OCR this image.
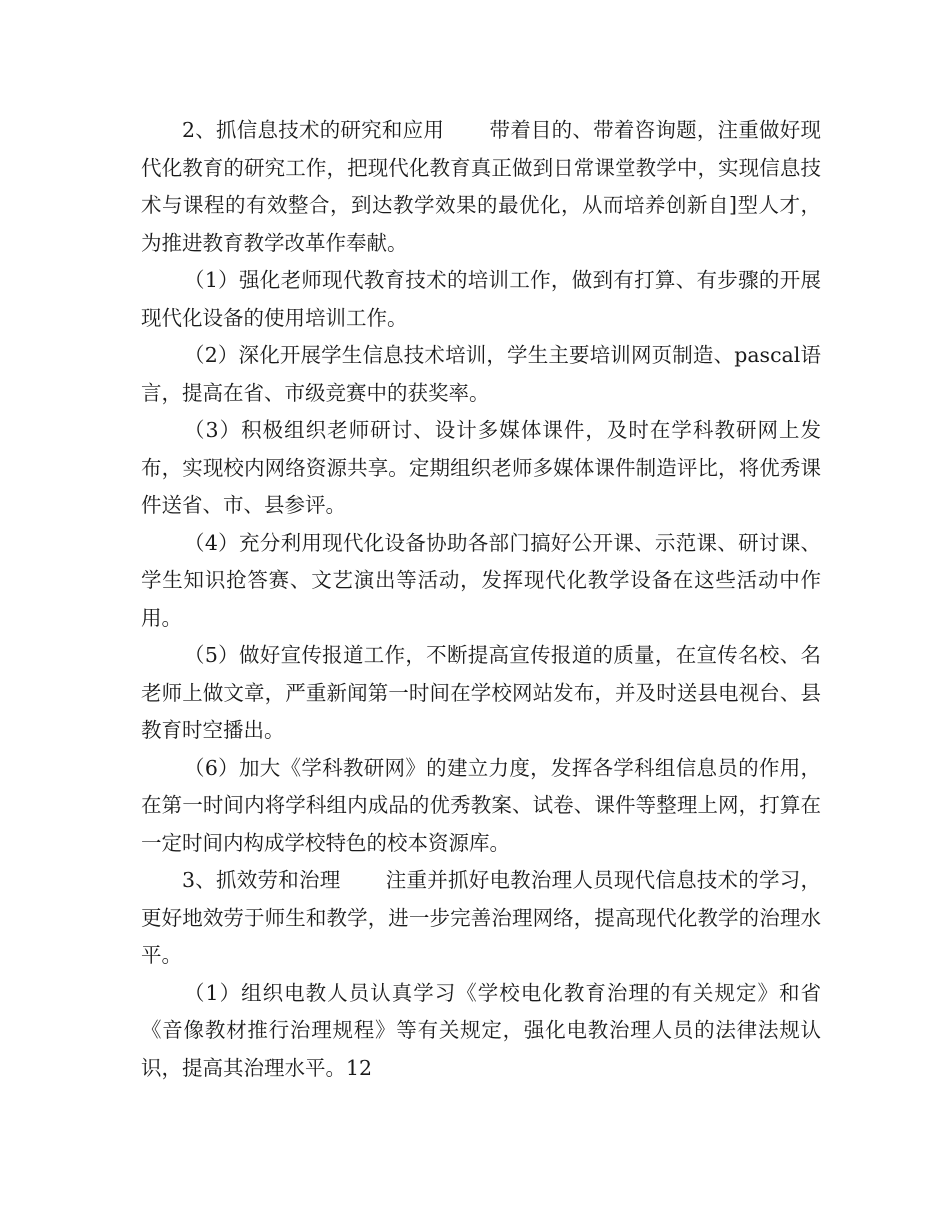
2、抓信息技术的研究和应用 带着目的、带着咨询题，注重做好现代化教育的研究工作，把现代化教育真正做到日常课堂教学中，实现信息技术与课程的有效整合，到达教学效果的最优化，从而培养创新自]型人才，为推进教育教学改革作奉献。

（1）强化老师现代教育技术的培训工作，做到有打算、有步骤的开展现代化设备的使用培训工作。

（2）深化开展学生信息技术培训，学生主要培训网页制造、pascal语言，提高在省、市级竞赛中的获奖率。

（3）积极组织老师研讨、设计多媒体课件，及时在学科教研网上发布，实现校内网络资源共享。定期组织老师多媒体课件制造评比，将优秀课件送省、市、县参评。

（4）充分利用现代化设备协助各部门搞好公开课、示范课、研讨课、学生知识抢答赛、文艺演出等活动，发挥现代化教学设备在这些活动中作用。

（5）做好宣传报道工作，不断提高宣传报道的质量，在宣传名校、名老师上做文章，严重新闻第一时间在学校网站发布，并及时送县电视台、县教育时空播出。

（6）加大《学科教研网》的建立力度，发挥各学科组信息员的作用，在第一时间内将学科组内成品的优秀教案、试卷、课件等整理上网，打算在一定时间内构成学校特色的校本资源库。

3、抓效劳和治理 注重并抓好电教治理人员现代信息技术的学习，更好地效劳于师生和教学，进一步完善治理网络，提高现代化教学的治理水平。

（1）组织电教人员认真学习《学校电化教育治理的有关规定》和省《音像教材推行治理规程》等有关规定，强化电教治理人员的法律法规认识，提高其治理水平。12
